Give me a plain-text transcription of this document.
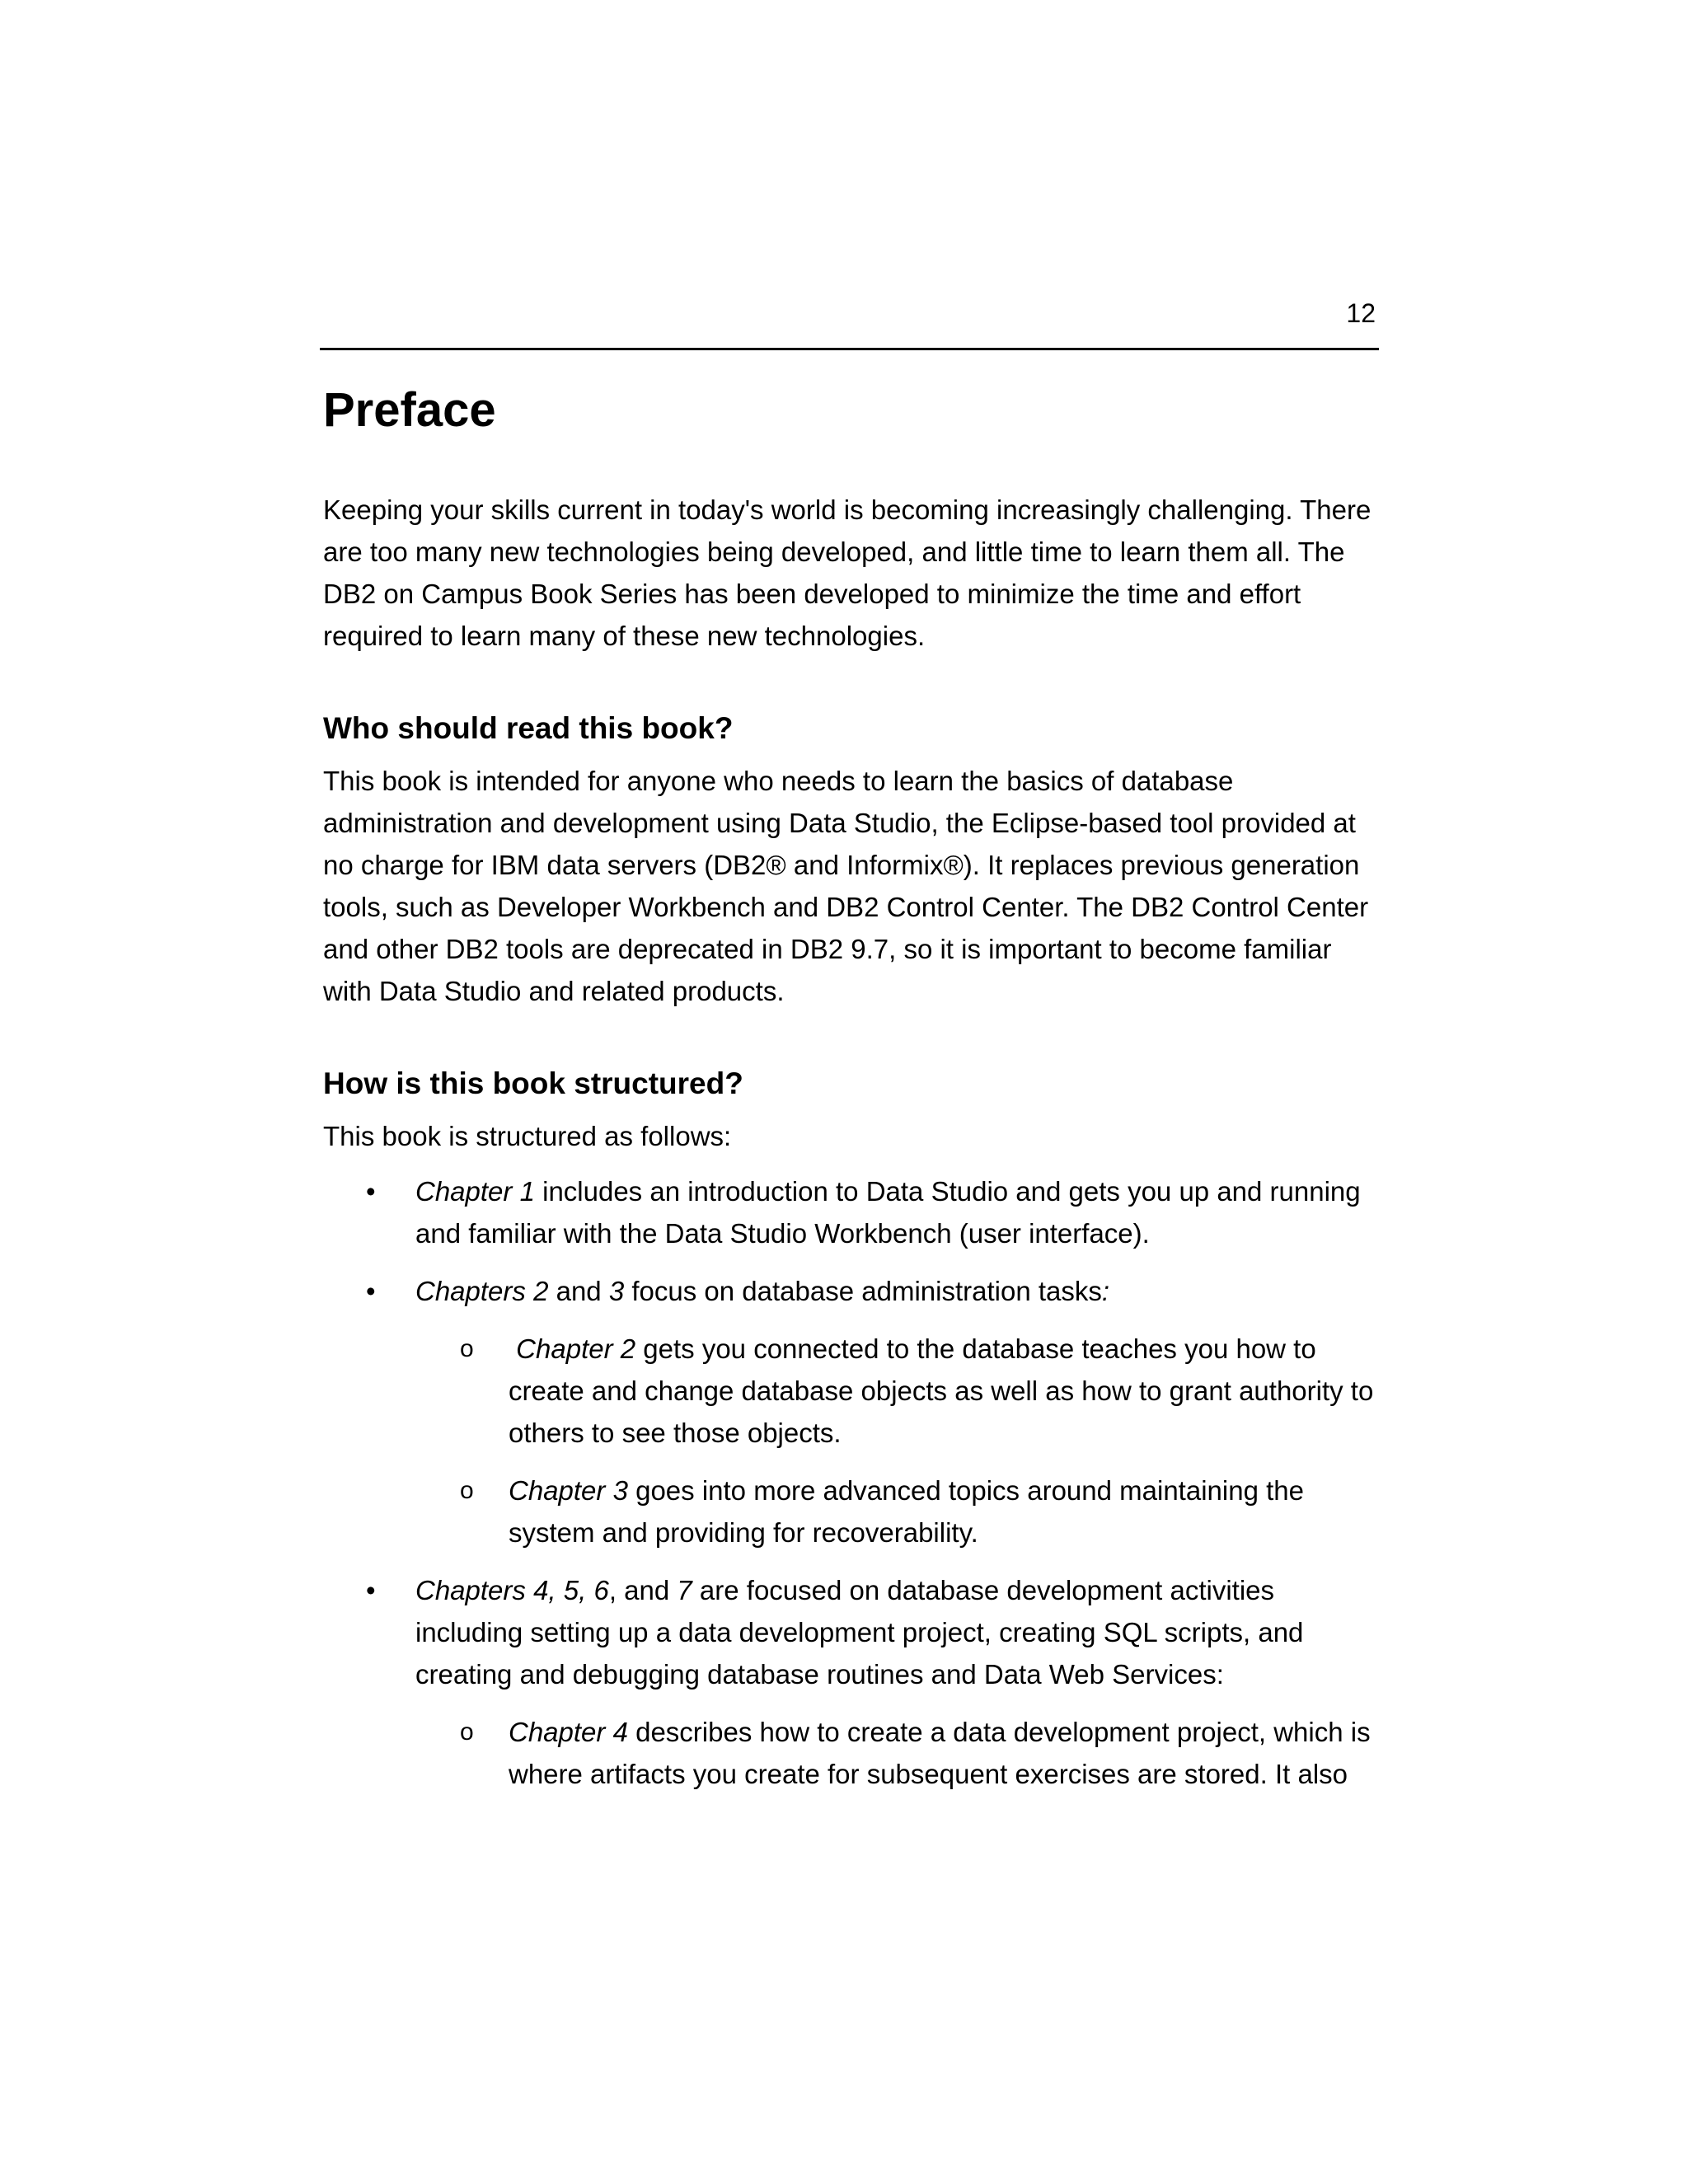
12
Preface

Keeping your skills current in today's world is becoming increasingly challenging. There are too many new technologies being developed, and little time to learn them all. The DB2 on Campus Book Series has been developed to minimize the time and effort required to learn many of these new technologies.

Who should read this book?

This book is intended for anyone who needs to learn the basics of database administration and development using Data Studio, the Eclipse-based tool provided at no charge for IBM data servers (DB2® and Informix®). It replaces previous generation tools, such as Developer Workbench and DB2 Control Center. The DB2 Control Center and other DB2 tools are deprecated in DB2 9.7, so it is important to become familiar with Data Studio and related products.

How is this book structured?

This book is structured as follows:

• Chapter 1 includes an introduction to Data Studio and gets you up and running and familiar with the Data Studio Workbench (user interface).
• Chapters 2 and 3 focus on database administration tasks:
o Chapter 2 gets you connected to the database teaches you how to create and change database objects as well as how to grant authority to others to see those objects.
o Chapter 3 goes into more advanced topics around maintaining the system and providing for recoverability.
• Chapters 4, 5, 6, and 7 are focused on database development activities including setting up a data development project, creating SQL scripts, and creating and debugging database routines and Data Web Services:
o Chapter 4 describes how to create a data development project, which is where artifacts you create for subsequent exercises are stored. It also
